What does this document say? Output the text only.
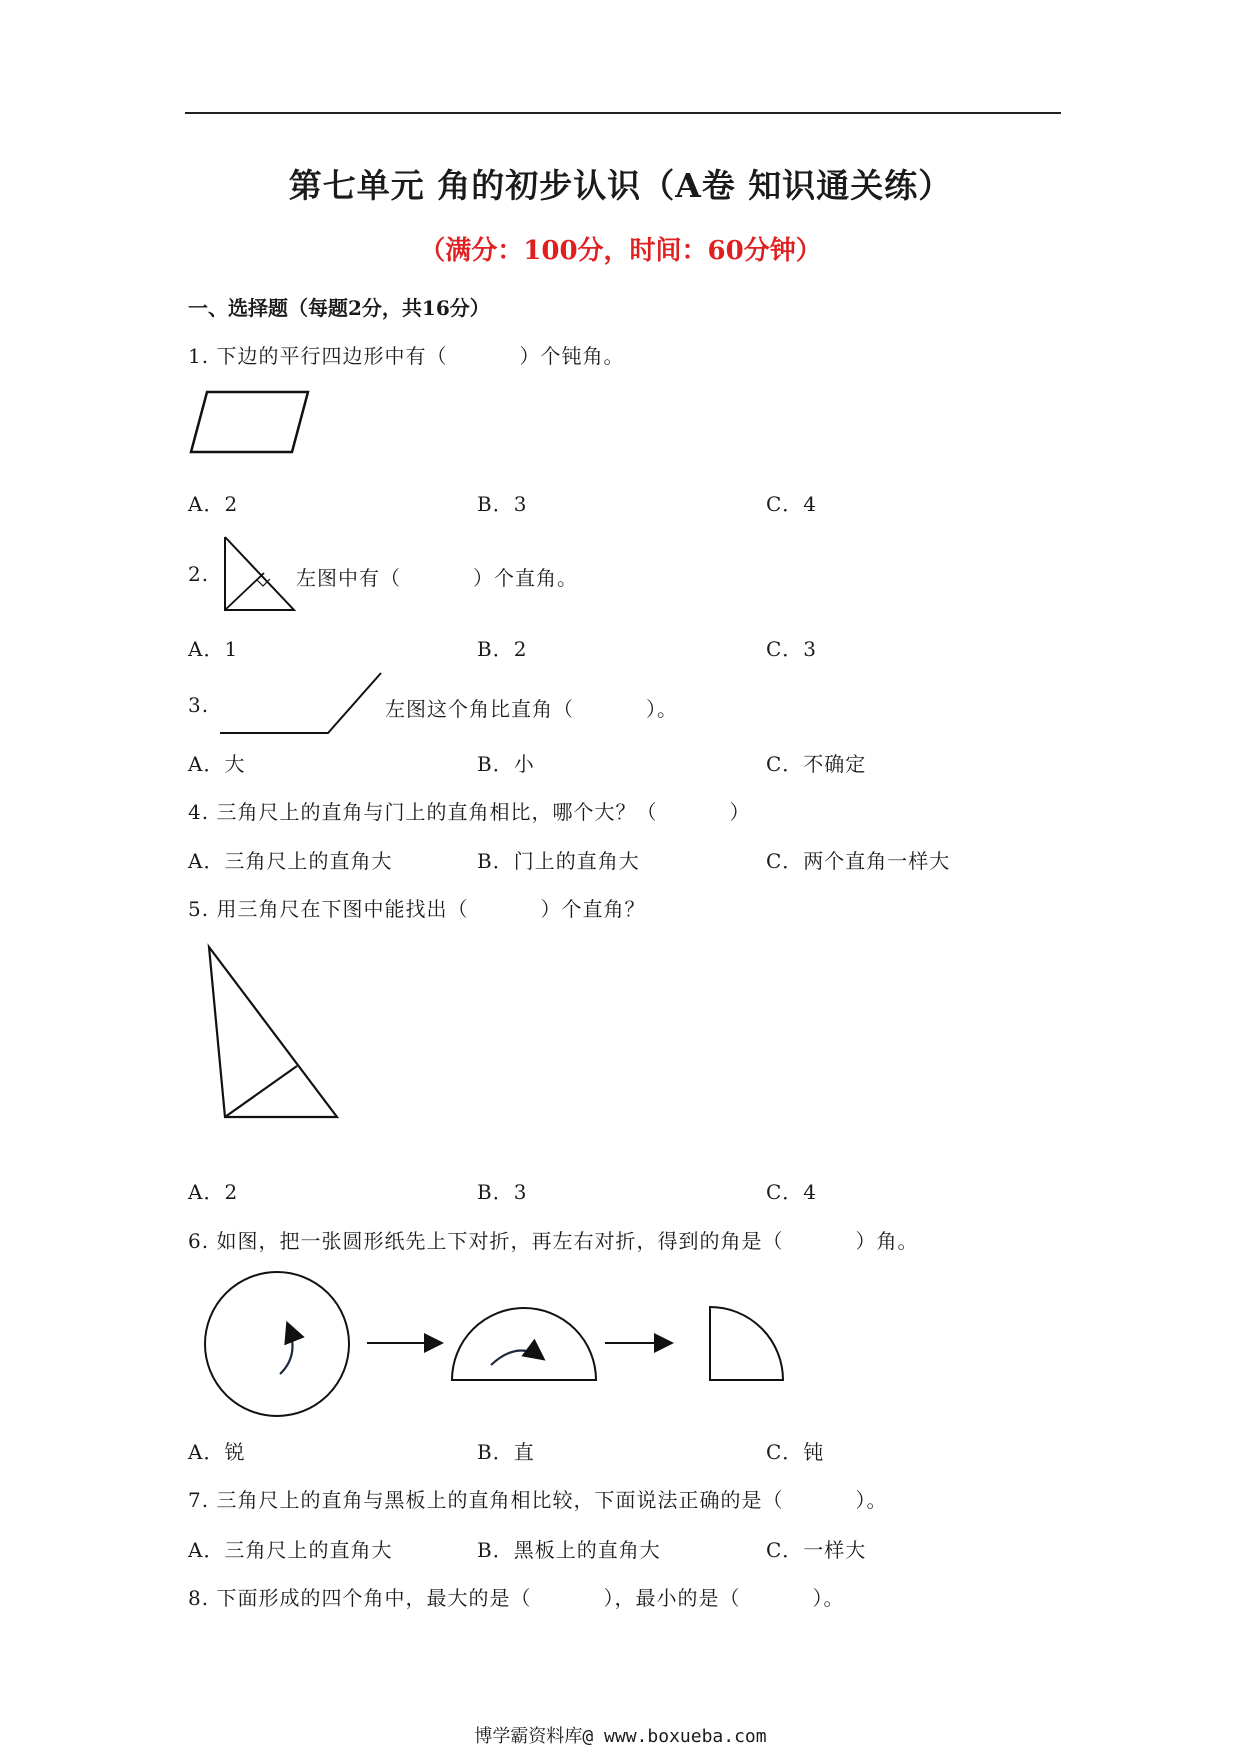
第七单元 角的初步认识（A卷 知识通关练）
（满分：100分，时间：60分钟）
一、选择题（每题2分，共16分）
1. 下边的平行四边形中有（	）个钝角。
A．2	B．3	C．4
2.	左图中有（	）个直角。
A．1	B．2	C．3
3.	左图这个角比直角（	）。
A．大	B．小	C．不确定
4. 三角尺上的直角与门上的直角相比，哪个大？（	）
A．三角尺上的直角大	B．门上的直角大	C．两个直角一样大
5. 用三角尺在下图中能找出（	）个直角？
A．2	B．3	C．4
6. 如图，把一张圆形纸先上下对折，再左右对折，得到的角是（	）角。
A．锐	B．直	C．钝
7. 三角尺上的直角与黑板上的直角相比较，下面说法正确的是（	）。
A．三角尺上的直角大	B．黑板上的直角大	C．一样大
8. 下面形成的四个角中，最大的是（	），最小的是（	）。
博学霸资料库@ www.boxueba.com
